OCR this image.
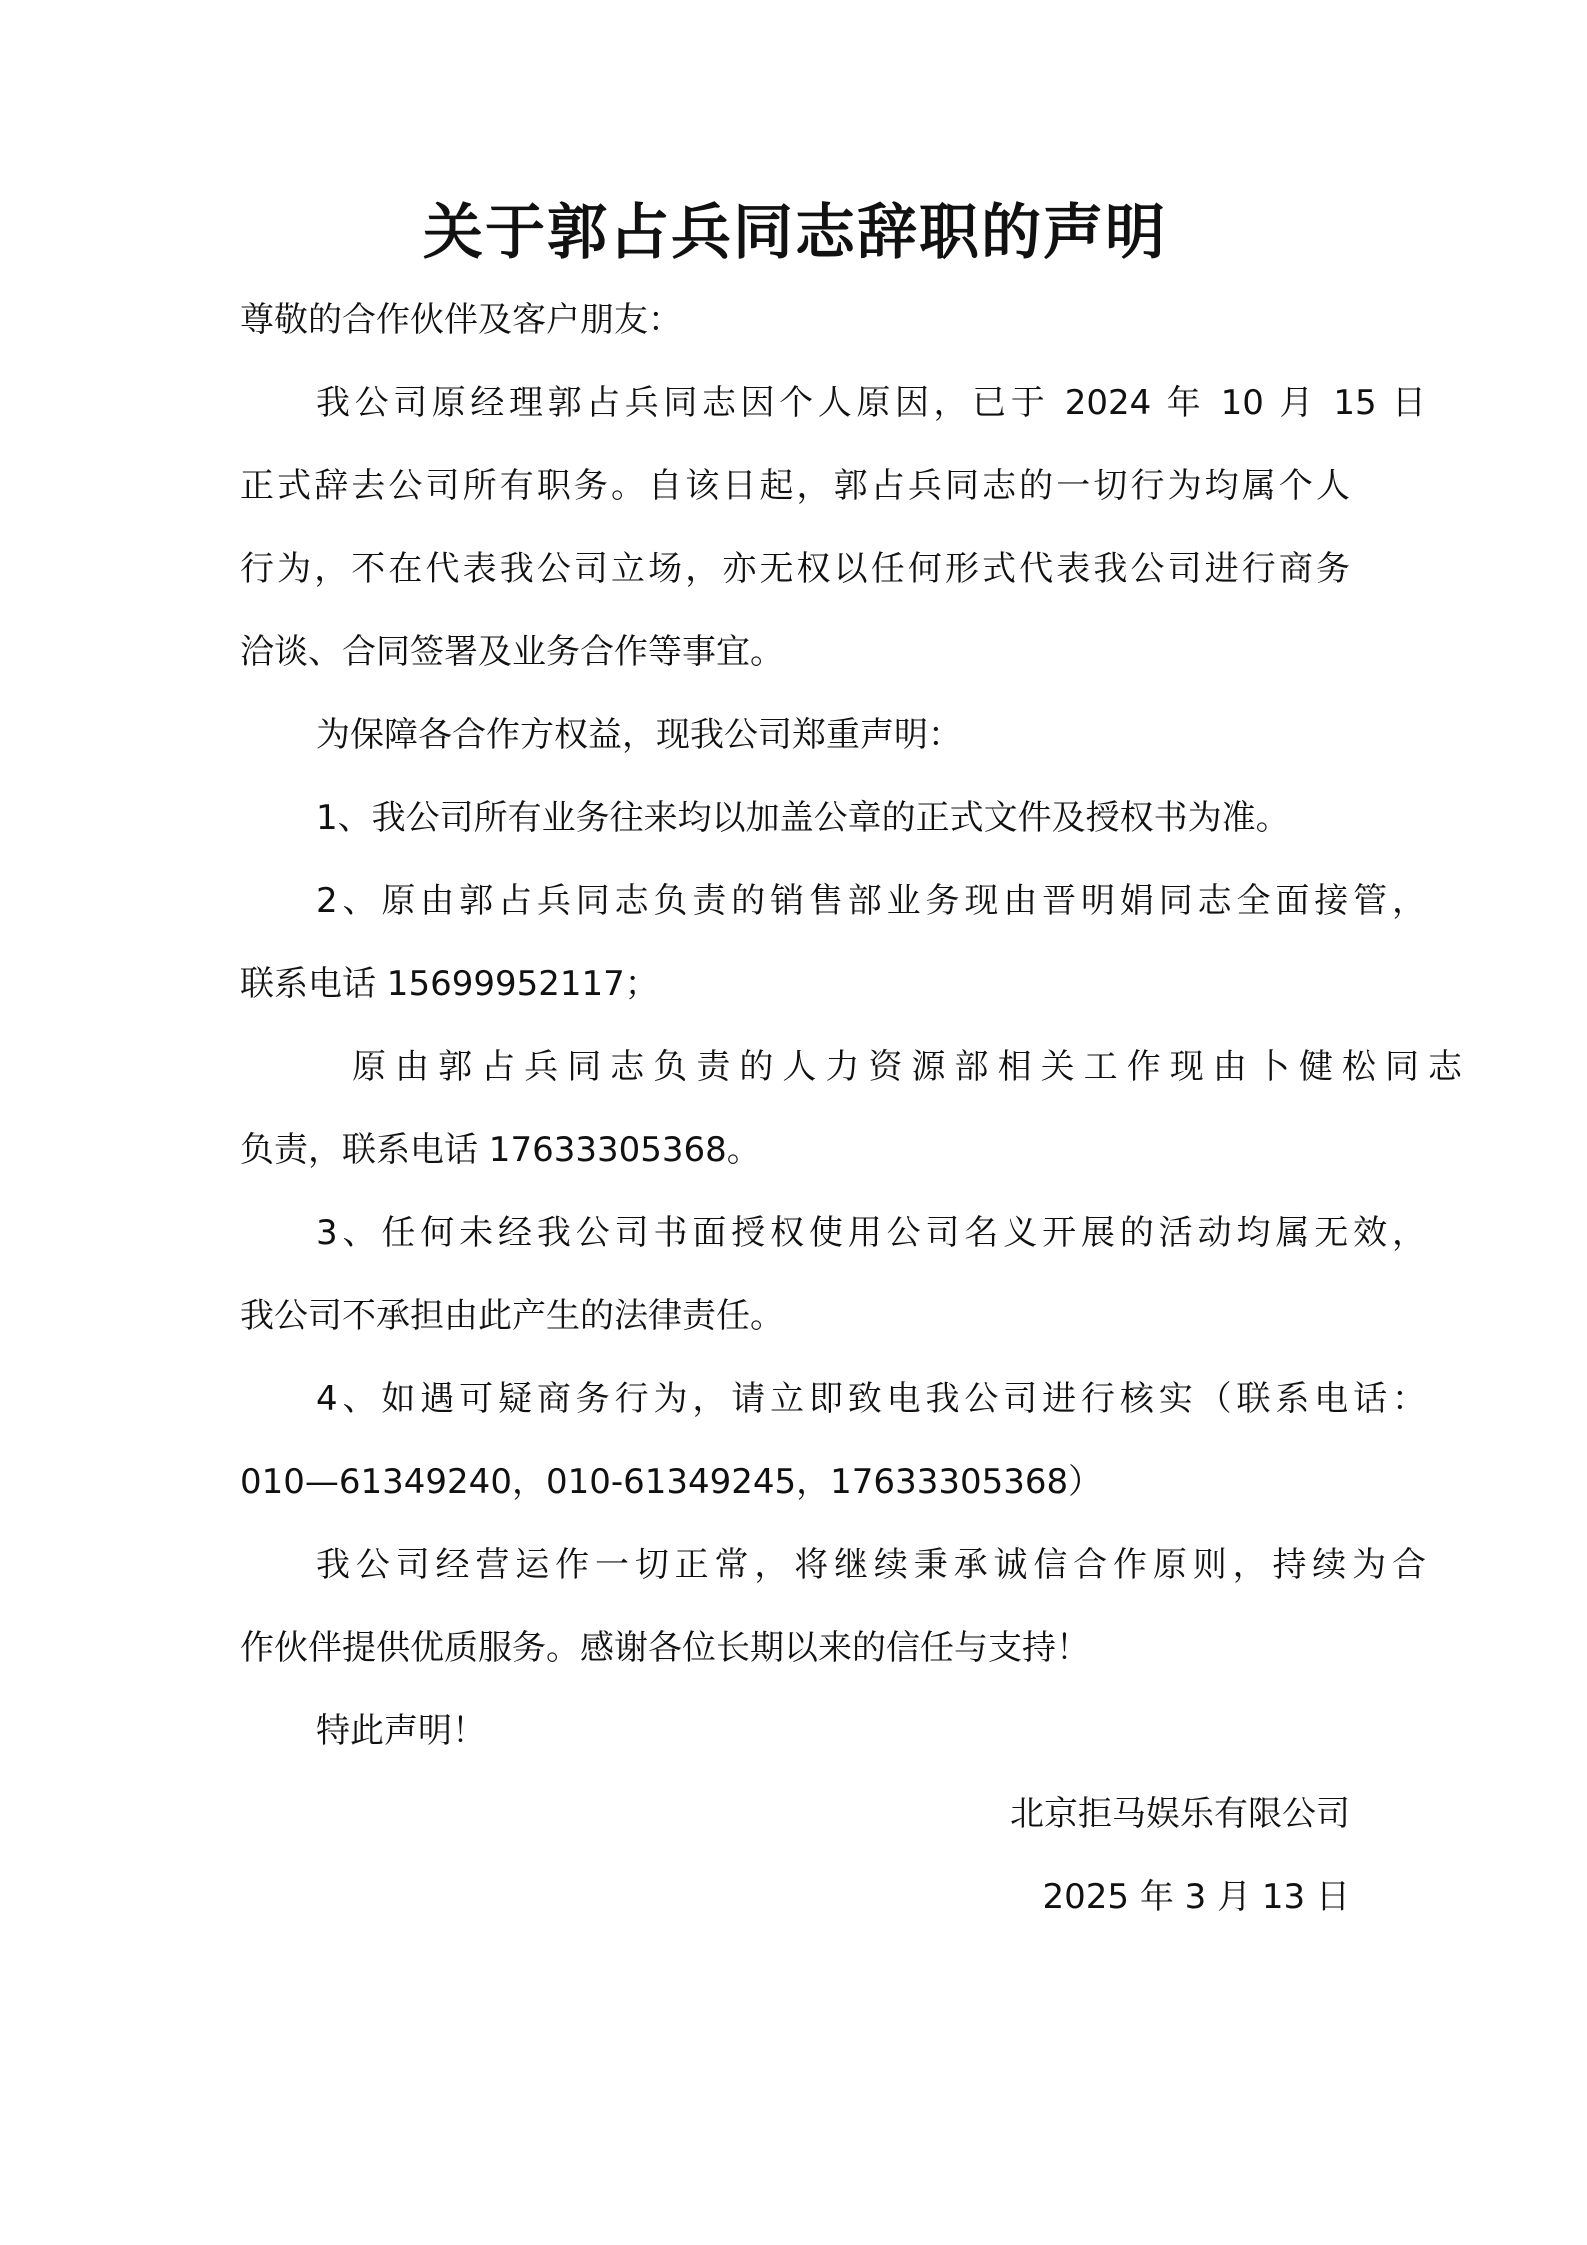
关于郭占兵同志辞职的声明

尊敬的合作伙伴及客户朋友：

我公司原经理郭占兵同志因个人原因，已于 2024 年 10 月 15 日

正式辞去公司所有职务。自该日起，郭占兵同志的一切行为均属个人

行为，不在代表我公司立场，亦无权以任何形式代表我公司进行商务

洽谈、合同签署及业务合作等事宜。

为保障各合作方权益，现我公司郑重声明：

1、我公司所有业务往来均以加盖公章的正式文件及授权书为准。

2、原由郭占兵同志负责的销售部业务现由晋明娟同志全面接管，

联系电话 15699952117；

原由郭占兵同志负责的人力资源部相关工作现由卜健松同志

负责，联系电话 17633305368。

3、任何未经我公司书面授权使用公司名义开展的活动均属无效，

我公司不承担由此产生的法律责任。

4、如遇可疑商务行为，请立即致电我公司进行核实（联系电话：

010—61349240，010-61349245，17633305368）

我公司经营运作一切正常，将继续秉承诚信合作原则，持续为合

作伙伴提供优质服务。感谢各位长期以来的信任与支持！

特此声明！

北京拒马娱乐有限公司

2025 年 3 月 13 日
